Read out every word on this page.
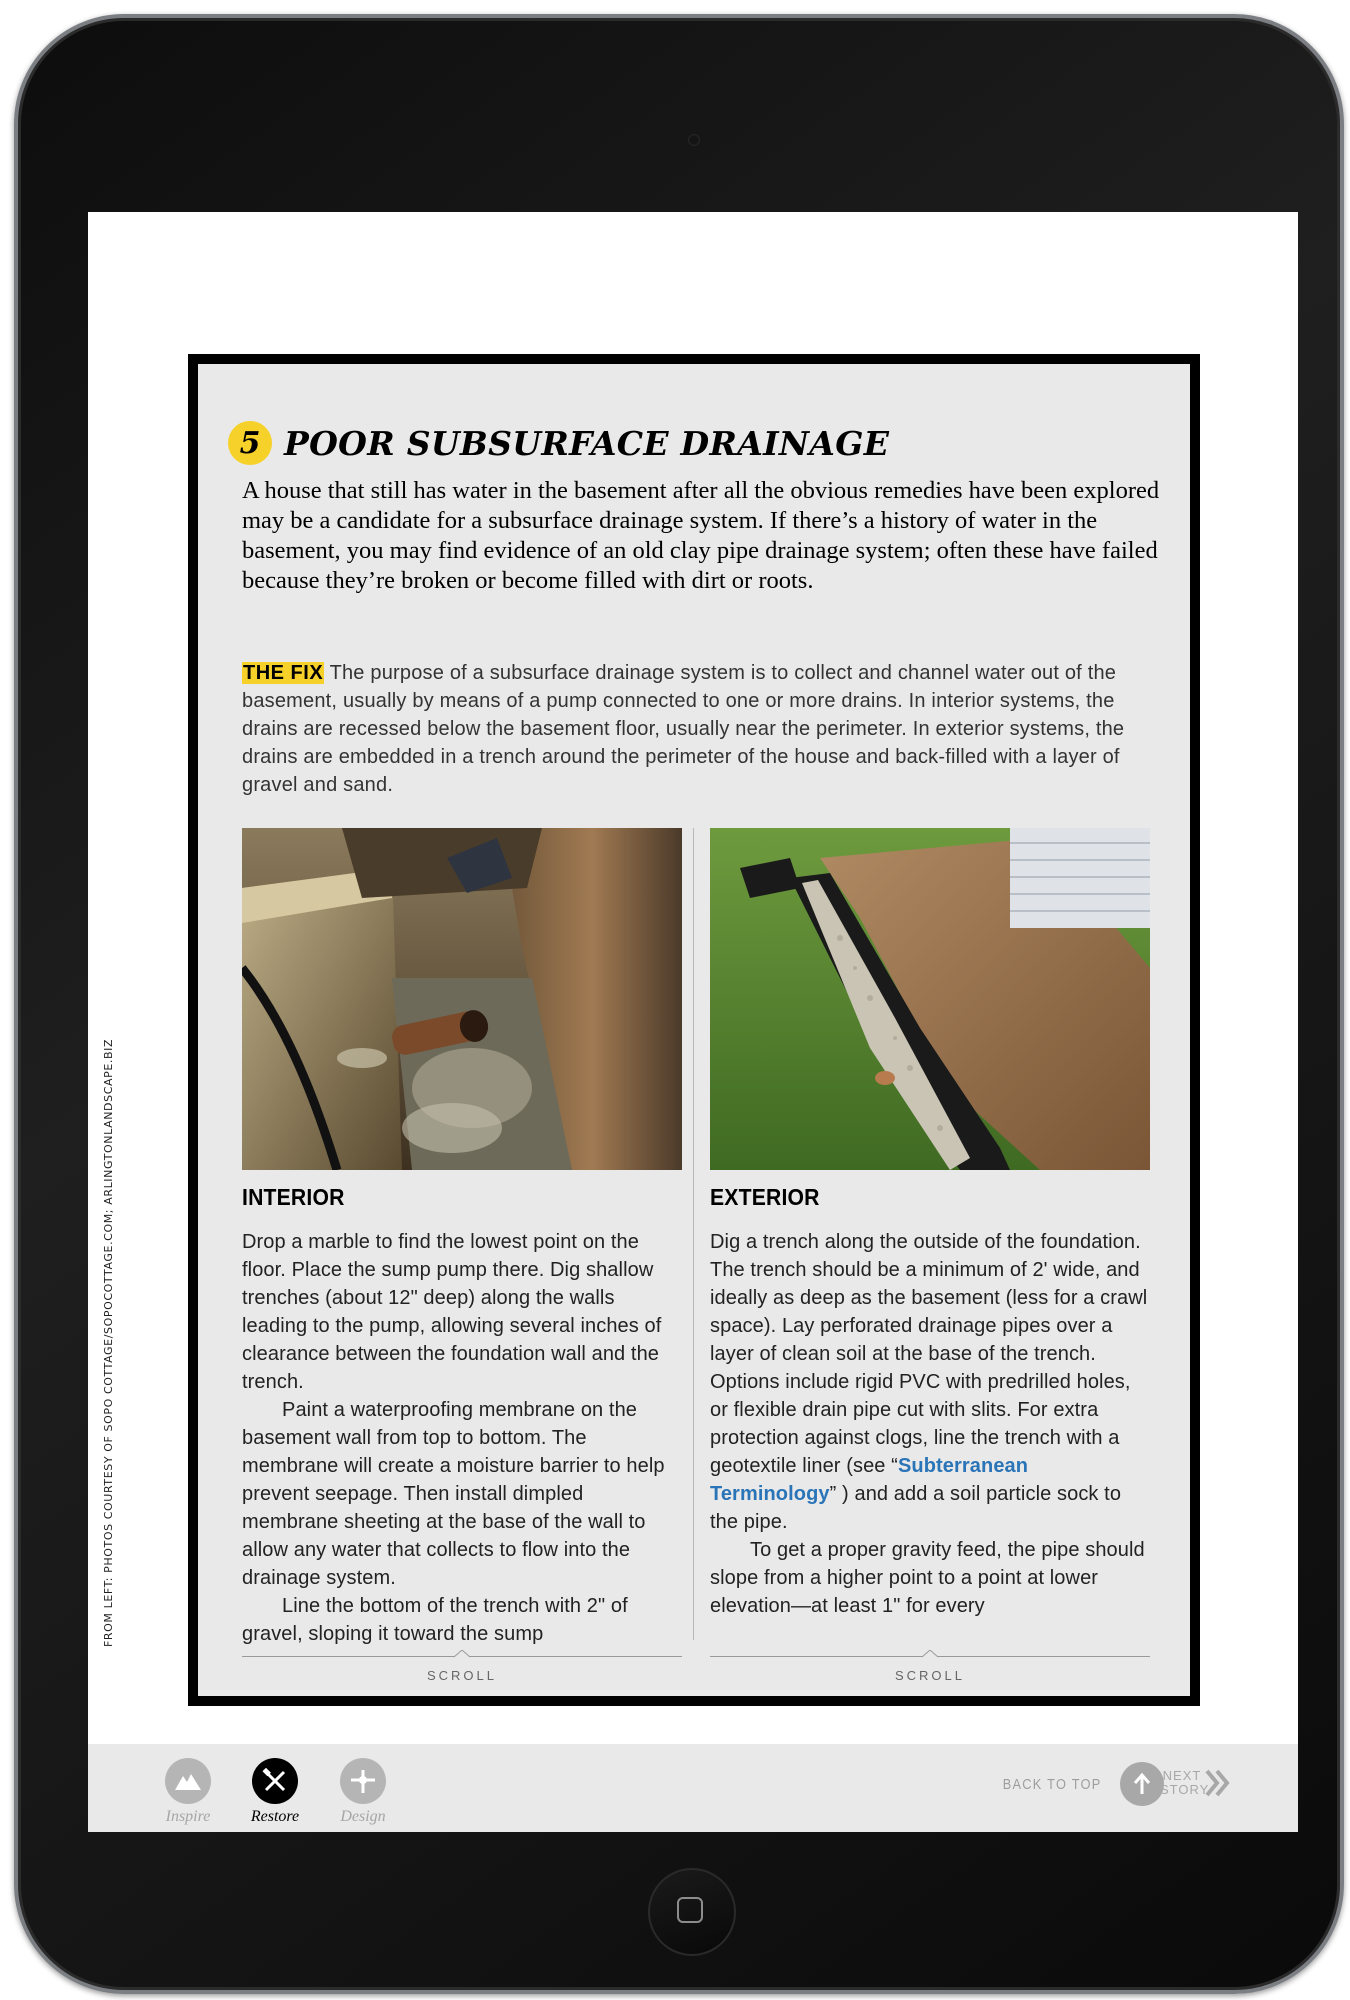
FROM LEFT: PHOTOS COURTESY OF SOPO COTTAGE/SOPOCOTTAGE.COM; ARLINGTONLANDSCAPE.BIZ
5 POOR SUBSURFACE DRAINAGE

A house that still has water in the basement after all the obvious remedies have been explored may be a candidate for a subsurface drainage system. If there’s a history of water in the basement, you may find evidence of an old clay pipe drainage system; often these have failed because they’re broken or become filled with dirt or roots.

THE FIX The purpose of a subsurface drainage system is to collect and channel water out of the basement, usually by means of a pump connected to one or more drains. In interior systems, the drains are recessed below the basement floor, usually near the perimeter. In exterior systems, the drains are embedded in a trench around the perimeter of the house and back-filled with a layer of gravel and sand.

INTERIOR

Drop a marble to find the lowest point on the floor. Place the sump pump there. Dig shallow trenches (about 12" deep) along the walls leading to the pump, allowing several inches of clearance between the foundation wall and the trench.

Paint a waterproofing membrane on the basement wall from top to bottom. The membrane will create a moisture barrier to help prevent seepage. Then install dimpled membrane sheeting at the base of the wall to allow any water that collects to flow into the drainage system.

Line the bottom of the trench with 2" of gravel, sloping it toward the sump

EXTERIOR

Dig a trench along the outside of the foundation. The trench should be a minimum of 2' wide, and ideally as deep as the basement (less for a crawl space). Lay perforated drainage pipes over a layer of clean soil at the base of the trench. Options include rigid PVC with predrilled holes, or flexible drain pipe cut with slits. For extra protection against clogs, line the trench with a geotextile liner (see “Subterranean Terminology” ) and add a soil particle sock to the pipe.

To get a proper gravity feed, the pipe should slope from a higher point to a point at lower elevation—at least 1" for every

SCROLL	SCROLL
Inspire	Restore	Design
BACK TO TOP	NEXT
STORY
